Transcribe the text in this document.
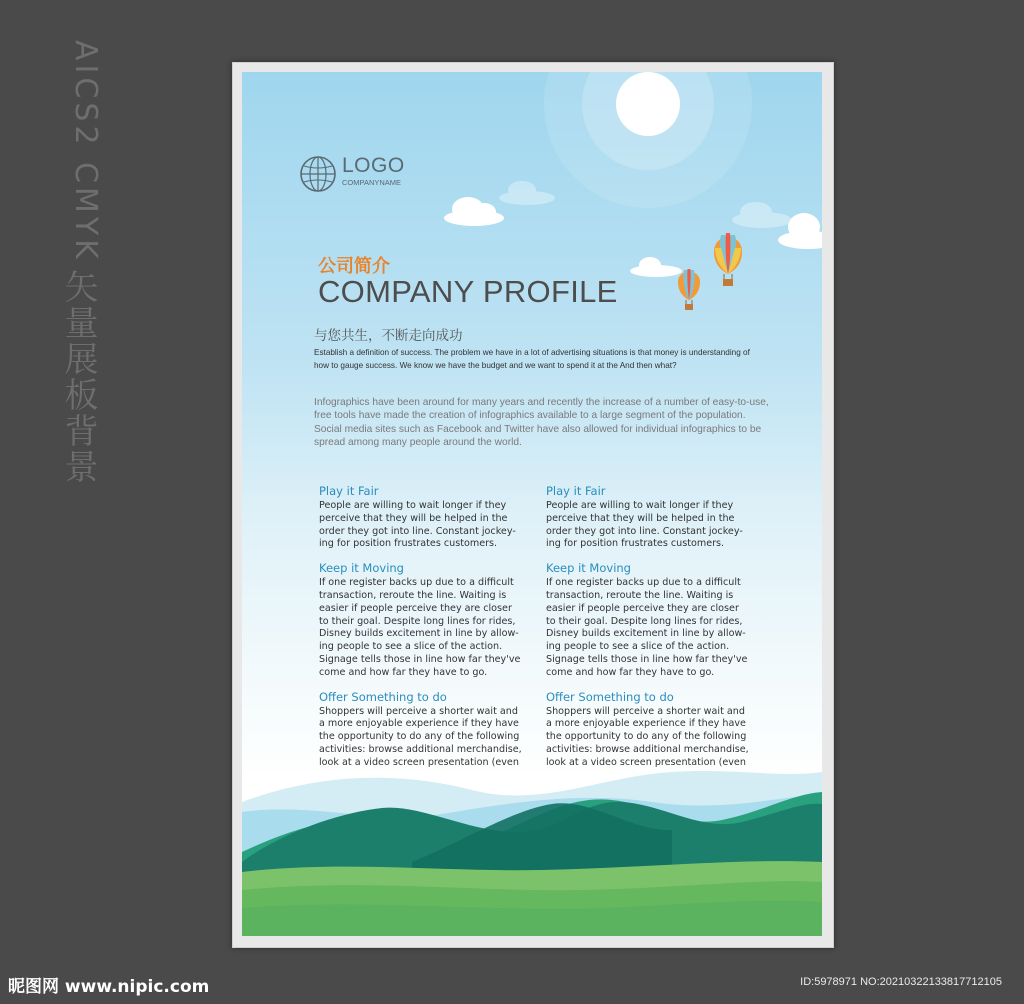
矢量展板背景
AICS2 CMYK	LOGO
COMPANYNAME
公司简介
COMPANY PROFILE
与您共生，不断走向成功
Establish a definition of success. The problem we have in a lot of advertising situations is that money is understanding of how to gauge success. We know we have the budget and we want to spend it at the And then what?
Infographics have been around for many years and recently the increase of a number of easy-to-use, free tools have made the creation of infographics available to a large segment of the population. Social media sites such as Facebook and Twitter have also allowed for individual infographics to be spread among many people around the world.
Play it Fair
People are willing to wait longer if they
perceive that they will be helped in the
order they got into line. Constant jockey-
ing for position frustrates customers.
Keep it Moving
If one register backs up due to a difficult
transaction, reroute the line. Waiting is
easier if people perceive they are closer
to their goal. Despite long lines for rides,
Disney builds excitement in line by allow-
ing people to see a slice of the action.
Signage tells those in line how far they've
come and how far they have to go.
Offer Something to do
Shoppers will perceive a shorter wait and
a more enjoyable experience if they have
the opportunity to do any of the following
activities: browse additional merchandise,
look at a video screen presentation (even
Play it Fair
People are willing to wait longer if they
perceive that they will be helped in the
order they got into line. Constant jockey-
ing for position frustrates customers.
Keep it Moving
If one register backs up due to a difficult
transaction, reroute the line. Waiting is
easier if people perceive they are closer
to their goal. Despite long lines for rides,
Disney builds excitement in line by allow-
ing people to see a slice of the action.
Signage tells those in line how far they've
come and how far they have to go.
Offer Something to do
Shoppers will perceive a shorter wait and
a more enjoyable experience if they have
the opportunity to do any of the following
activities: browse additional merchandise,
look at a video screen presentation (even
昵图网 www.nipic.com	ID:5978971 NO:20210322133817712105
